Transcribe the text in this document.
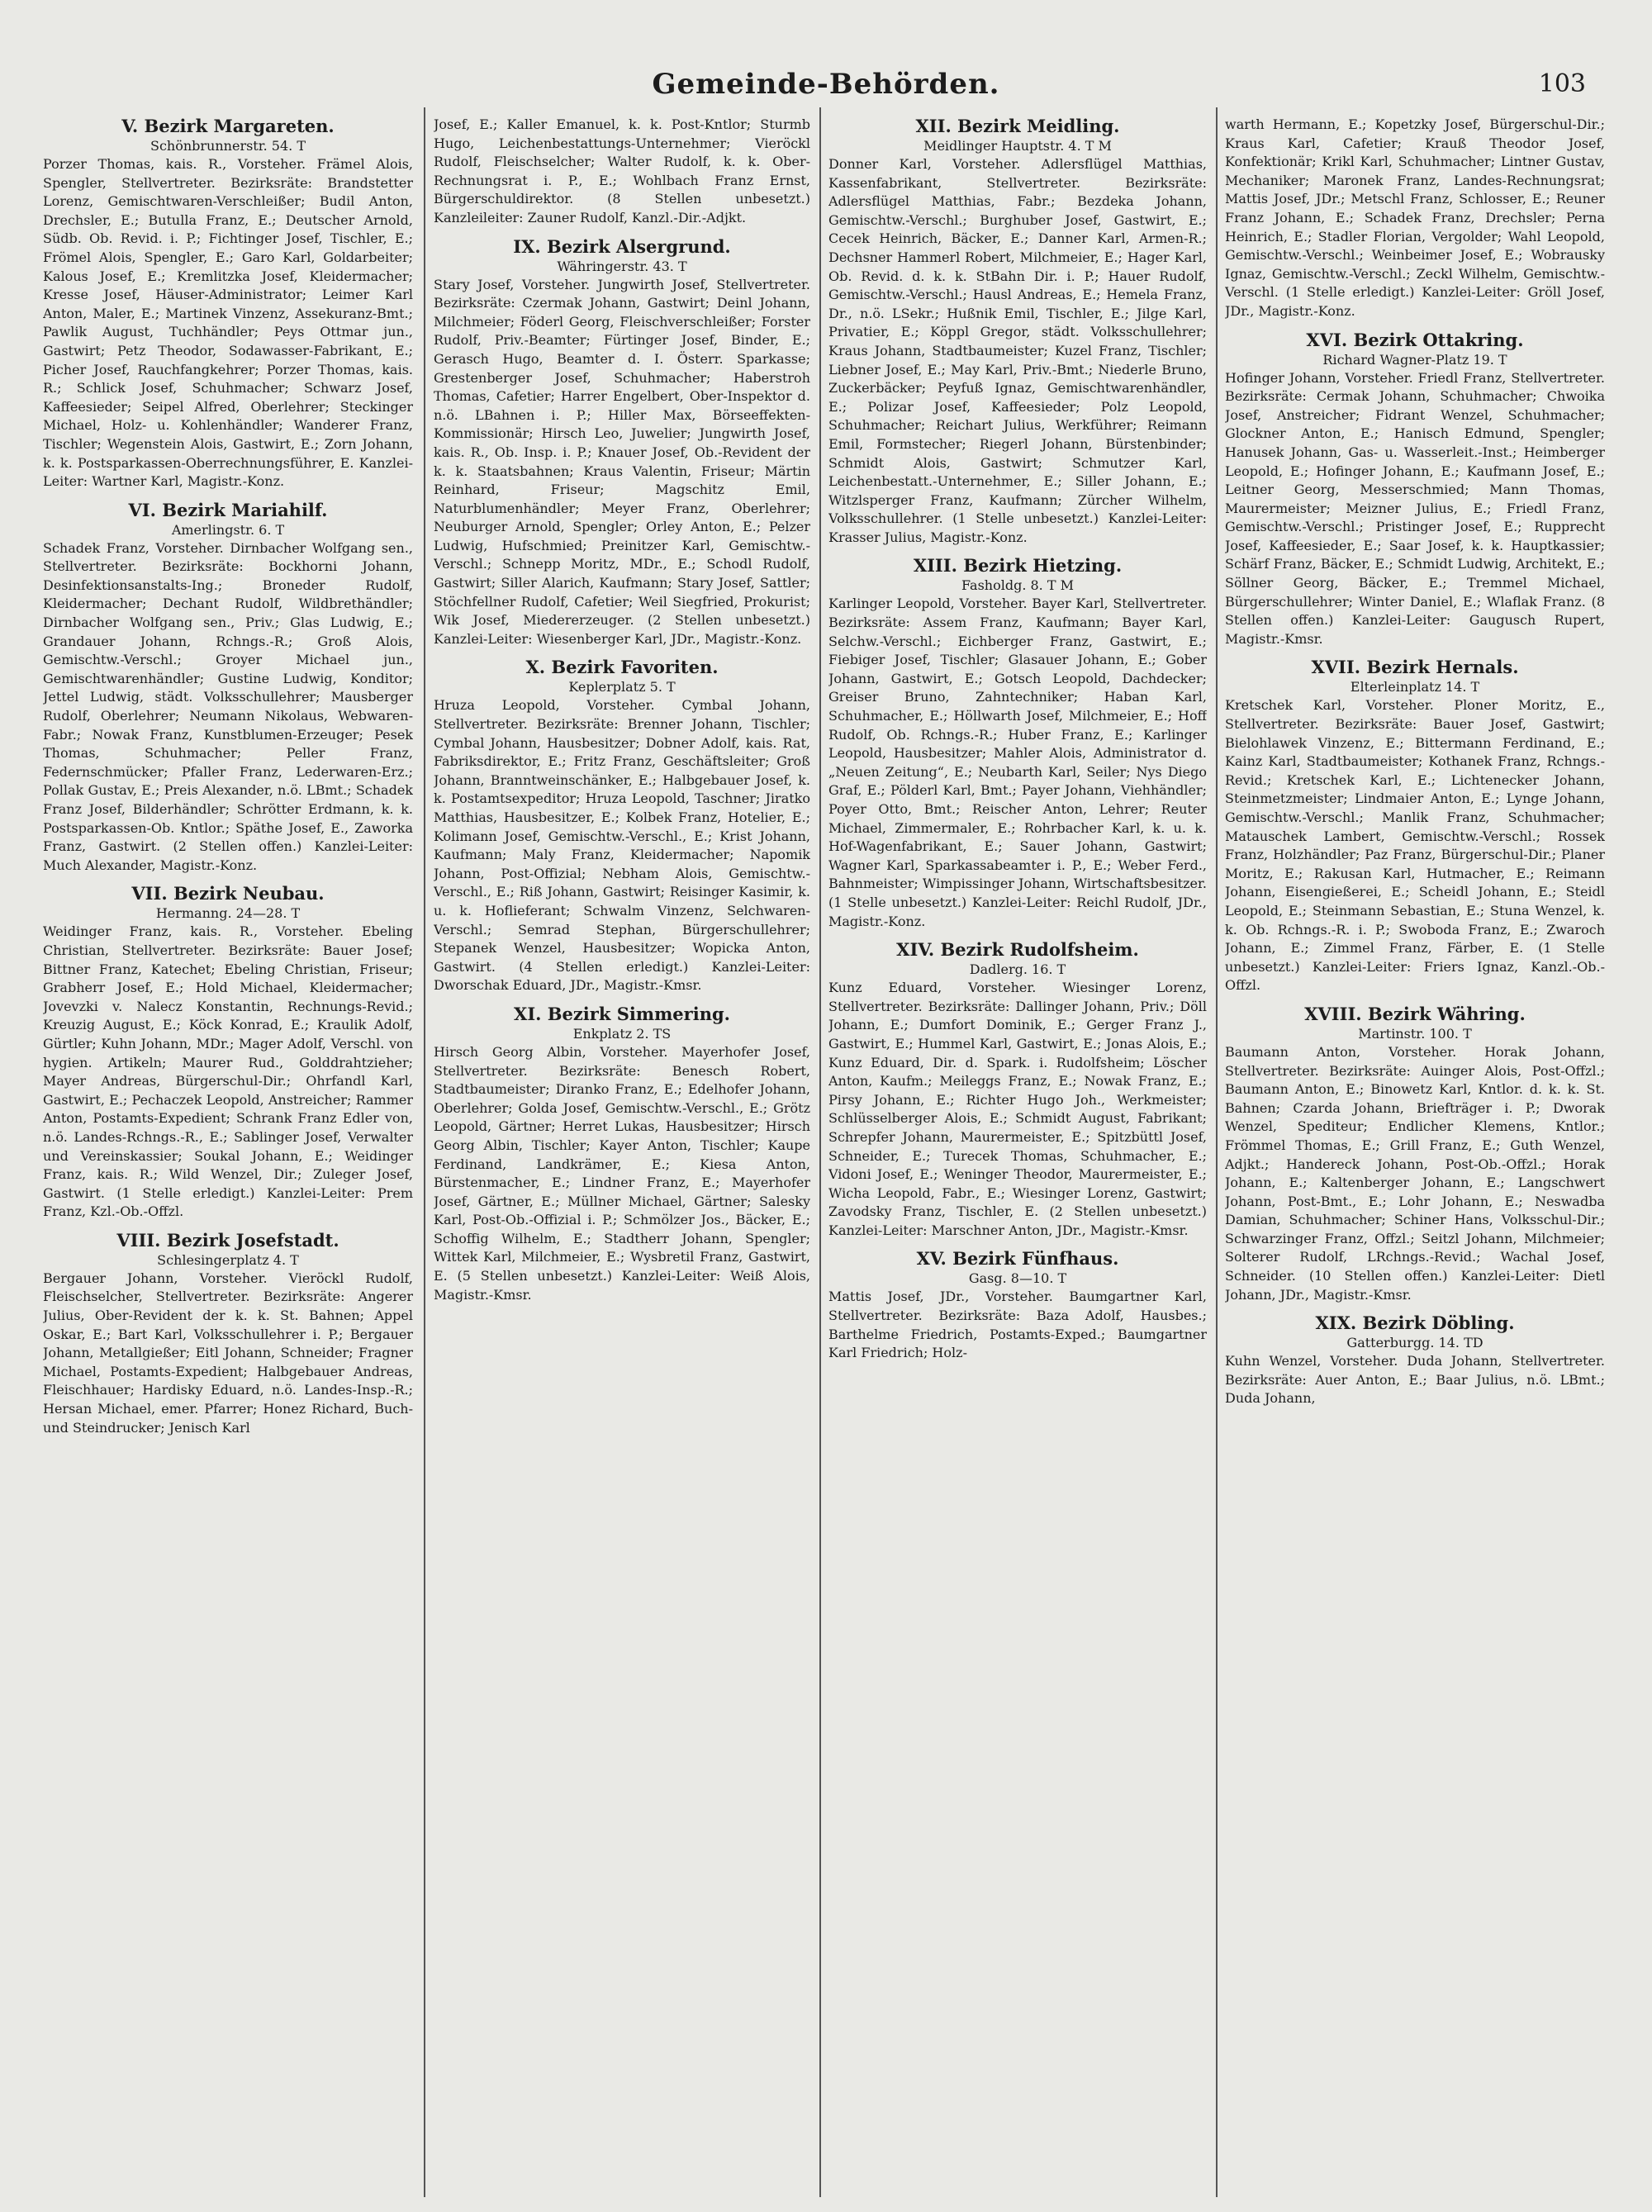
Gemeinde-Behörden.	103
V. Bezirk Margareten.
Schönbrunnerstr. 54. T
Porzer Thomas, kais. R., Vorsteher. Främel Alois, Spengler, Stellvertreter. Bezirksräte: Brandstetter Lorenz, Gemischtwaren-Verschleißer; Budil Anton, Drechsler, E.; Butulla Franz, E.; Deutscher Arnold, Südb. Ob. Revid. i. P.; Fichtinger Josef, Tischler, E.; Frömel Alois, Spengler, E.; Garo Karl, Goldarbeiter; Kalous Josef, E.; Kremlitzka Josef, Kleidermacher; Kresse Josef, Häuser-Administrator; Leimer Karl Anton, Maler, E.; Martinek Vinzenz, Assekuranz-Bmt.; Pawlik August, Tuchhändler; Peys Ottmar jun., Gastwirt; Petz Theodor, Sodawasser-Fabrikant, E.; Picher Josef, Rauchfangkehrer; Porzer Thomas, kais. R.; Schlick Josef, Schuhmacher; Schwarz Josef, Kaffeesieder; Seipel Alfred, Oberlehrer; Steckinger Michael, Holz- u. Kohlenhändler; Wanderer Franz, Tischler; Wegenstein Alois, Gastwirt, E.; Zorn Johann, k. k. Postsparkassen-Oberrechnungsführer, E. Kanzlei-Leiter: Wartner Karl, Magistr.-Konz.
VI. Bezirk Mariahilf.
Amerlingstr. 6. T
Schadek Franz, Vorsteher. Dirnbacher Wolfgang sen., Stellvertreter. Bezirksräte: Bockhorni Johann, Desinfektionsanstalts-Ing.; Broneder Rudolf, Kleidermacher; Dechant Rudolf, Wildbrethändler; Dirnbacher Wolfgang sen., Priv.; Glas Ludwig, E.; Grandauer Johann, Rchngs.-R.; Groß Alois, Gemischtw.-Verschl.; Groyer Michael jun., Gemischtwarenhändler; Gustine Ludwig, Konditor; Jettel Ludwig, städt. Volksschullehrer; Mausberger Rudolf, Oberlehrer; Neumann Nikolaus, Webwaren-Fabr.; Nowak Franz, Kunstblumen-Erzeuger; Pesek Thomas, Schuhmacher; Peller Franz, Federnschmücker; Pfaller Franz, Lederwaren-Erz.; Pollak Gustav, E.; Preis Alexander, n.ö. LBmt.; Schadek Franz Josef, Bilderhändler; Schrötter Erdmann, k. k. Postsparkassen-Ob. Kntlor.; Späthe Josef, E., Zaworka Franz, Gastwirt. (2 Stellen offen.) Kanzlei-Leiter: Much Alexander, Magistr.-Konz.
VII. Bezirk Neubau.
Hermanng. 24—28. T
Weidinger Franz, kais. R., Vorsteher. Ebeling Christian, Stellvertreter. Bezirksräte: Bauer Josef; Bittner Franz, Katechet; Ebeling Christian, Friseur; Grabherr Josef, E.; Hold Michael, Kleidermacher; Jovevzki v. Nalecz Konstantin, Rechnungs-Revid.; Kreuzig August, E.; Köck Konrad, E.; Kraulik Adolf, Gürtler; Kuhn Johann, MDr.; Mager Adolf, Verschl. von hygien. Artikeln; Maurer Rud., Golddrahtzieher; Mayer Andreas, Bürgerschul-Dir.; Ohrfandl Karl, Gastwirt, E.; Pechaczek Leopold, Anstreicher; Rammer Anton, Postamts-Expedient; Schrank Franz Edler von, n.ö. Landes-Rchngs.-R., E.; Sablinger Josef, Verwalter und Vereinskassier; Soukal Johann, E.; Weidinger Franz, kais. R.; Wild Wenzel, Dir.; Zuleger Josef, Gastwirt. (1 Stelle erledigt.) Kanzlei-Leiter: Prem Franz, Kzl.-Ob.-Offzl.
VIII. Bezirk Josefstadt.
Schlesingerplatz 4. T
Bergauer Johann, Vorsteher. Vieröckl Rudolf, Fleischselcher, Stellvertreter. Bezirksräte: Angerer Julius, Ober-Revident der k. k. St. Bahnen; Appel Oskar, E.; Bart Karl, Volksschullehrer i. P.; Bergauer Johann, Metallgießer; Eitl Johann, Schneider; Fragner Michael, Postamts-Expedient; Halbgebauer Andreas, Fleischhauer; Hardisky Eduard, n.ö. Landes-Insp.-R.; Hersan Michael, emer. Pfarrer; Honez Richard, Buch- und Steindrucker; Jenisch Karl
Josef, E.; Kaller Emanuel, k. k. Post-Kntlor; Sturmb Hugo, Leichenbestattungs-Unternehmer; Vieröckl Rudolf, Fleischselcher; Walter Rudolf, k. k. Ober-Rechnungsrat i. P., E.; Wohlbach Franz Ernst, Bürgerschuldirektor. (8 Stellen unbesetzt.) Kanzleileiter: Zauner Rudolf, Kanzl.-Dir.-Adjkt.
IX. Bezirk Alsergrund.
Währingerstr. 43. T
Stary Josef, Vorsteher. Jungwirth Josef, Stellvertreter. Bezirksräte: Czermak Johann, Gastwirt; Deinl Johann, Milchmeier; Föderl Georg, Fleischverschleißer; Forster Rudolf, Priv.-Beamter; Fürtinger Josef, Binder, E.; Gerasch Hugo, Beamter d. I. Österr. Sparkasse; Grestenberger Josef, Schuhmacher; Haberstroh Thomas, Cafetier; Harrer Engelbert, Ober-Inspektor d. n.ö. LBahnen i. P.; Hiller Max, Börseeffekten-Kommissionär; Hirsch Leo, Juwelier; Jungwirth Josef, kais. R., Ob. Insp. i. P.; Knauer Josef, Ob.-Revident der k. k. Staatsbahnen; Kraus Valentin, Friseur; Märtin Reinhard, Friseur; Magschitz Emil, Naturblumenhändler; Meyer Franz, Oberlehrer; Neuburger Arnold, Spengler; Orley Anton, E.; Pelzer Ludwig, Hufschmied; Preinitzer Karl, Gemischtw.-Verschl.; Schnepp Moritz, MDr., E.; Schodl Rudolf, Gastwirt; Siller Alarich, Kaufmann; Stary Josef, Sattler; Stöchfellner Rudolf, Cafetier; Weil Siegfried, Prokurist; Wik Josef, Miedererzeuger. (2 Stellen unbesetzt.) Kanzlei-Leiter: Wiesenberger Karl, JDr., Magistr.-Konz.
X. Bezirk Favoriten.
Keplerplatz 5. T
Hruza Leopold, Vorsteher. Cymbal Johann, Stellvertreter. Bezirksräte: Brenner Johann, Tischler; Cymbal Johann, Hausbesitzer; Dobner Adolf, kais. Rat, Fabriksdirektor, E.; Fritz Franz, Geschäftsleiter; Groß Johann, Branntweinschänker, E.; Halbgebauer Josef, k. k. Postamtsexpeditor; Hruza Leopold, Taschner; Jiratko Matthias, Hausbesitzer, E.; Kolbek Franz, Hotelier, E.; Kolimann Josef, Gemischtw.-Verschl., E.; Krist Johann, Kaufmann; Maly Franz, Kleidermacher; Napomik Johann, Post-Offizial; Nebham Alois, Gemischtw.-Verschl., E.; Riß Johann, Gastwirt; Reisinger Kasimir, k. u. k. Hoflieferant; Schwalm Vinzenz, Selchwaren-Verschl.; Semrad Stephan, Bürgerschullehrer; Stepanek Wenzel, Hausbesitzer; Wopicka Anton, Gastwirt. (4 Stellen erledigt.) Kanzlei-Leiter: Dworschak Eduard, JDr., Magistr.-Kmsr.
XI. Bezirk Simmering.
Enkplatz 2. TS
Hirsch Georg Albin, Vorsteher. Mayerhofer Josef, Stellvertreter. Bezirksräte: Benesch Robert, Stadtbaumeister; Diranko Franz, E.; Edelhofer Johann, Oberlehrer; Golda Josef, Gemischtw.-Verschl., E.; Grötz Leopold, Gärtner; Herret Lukas, Hausbesitzer; Hirsch Georg Albin, Tischler; Kayer Anton, Tischler; Kaupe Ferdinand, Landkrämer, E.; Kiesa Anton, Bürstenmacher, E.; Lindner Franz, E.; Mayerhofer Josef, Gärtner, E.; Müllner Michael, Gärtner; Salesky Karl, Post-Ob.-Offizial i. P.; Schmölzer Jos., Bäcker, E.; Schoffig Wilhelm, E.; Stadtherr Johann, Spengler; Wittek Karl, Milchmeier, E.; Wysbretil Franz, Gastwirt, E. (5 Stellen unbesetzt.) Kanzlei-Leiter: Weiß Alois, Magistr.-Kmsr.
XII. Bezirk Meidling.
Meidlinger Hauptstr. 4. T M
Donner Karl, Vorsteher. Adlersflügel Matthias, Kassenfabrikant, Stellvertreter. Bezirksräte: Adlersflügel Matthias, Fabr.; Bezdeka Johann, Gemischtw.-Verschl.; Burghuber Josef, Gastwirt, E.; Cecek Heinrich, Bäcker, E.; Danner Karl, Armen-R.; Dechsner Hammerl Robert, Milchmeier, E.; Hager Karl, Ob. Revid. d. k. k. StBahn Dir. i. P.; Hauer Rudolf, Gemischtw.-Verschl.; Hausl Andreas, E.; Hemela Franz, Dr., n.ö. LSekr.; Hußnik Emil, Tischler, E.; Jilge Karl, Privatier, E.; Köppl Gregor, städt. Volksschullehrer; Kraus Johann, Stadtbaumeister; Kuzel Franz, Tischler; Liebner Josef, E.; May Karl, Priv.-Bmt.; Niederle Bruno, Zuckerbäcker; Peyfuß Ignaz, Gemischtwarenhändler, E.; Polizar Josef, Kaffeesieder; Polz Leopold, Schuhmacher; Reichart Julius, Werkführer; Reimann Emil, Formstecher; Riegerl Johann, Bürstenbinder; Schmidt Alois, Gastwirt; Schmutzer Karl, Leichenbestatt.-Unternehmer, E.; Siller Johann, E.; Witzlsperger Franz, Kaufmann; Zürcher Wilhelm, Volksschullehrer. (1 Stelle unbesetzt.) Kanzlei-Leiter: Krasser Julius, Magistr.-Konz.
XIII. Bezirk Hietzing.
Fasholdg. 8. T M
Karlinger Leopold, Vorsteher. Bayer Karl, Stellvertreter. Bezirksräte: Assem Franz, Kaufmann; Bayer Karl, Selchw.-Verschl.; Eichberger Franz, Gastwirt, E.; Fiebiger Josef, Tischler; Glasauer Johann, E.; Gober Johann, Gastwirt, E.; Gotsch Leopold, Dachdecker; Greiser Bruno, Zahntechniker; Haban Karl, Schuhmacher, E.; Höllwarth Josef, Milchmeier, E.; Hoff Rudolf, Ob. Rchngs.-R.; Huber Franz, E.; Karlinger Leopold, Hausbesitzer; Mahler Alois, Administrator d. „Neuen Zeitung“, E.; Neubarth Karl, Seiler; Nys Diego Graf, E.; Pölderl Karl, Bmt.; Payer Johann, Viehhändler; Poyer Otto, Bmt.; Reischer Anton, Lehrer; Reuter Michael, Zimmermaler, E.; Rohrbacher Karl, k. u. k. Hof-Wagenfabrikant, E.; Sauer Johann, Gastwirt; Wagner Karl, Sparkassabeamter i. P., E.; Weber Ferd., Bahnmeister; Wimpissinger Johann, Wirtschaftsbesitzer. (1 Stelle unbesetzt.) Kanzlei-Leiter: Reichl Rudolf, JDr., Magistr.-Konz.
XIV. Bezirk Rudolfsheim.
Dadlerg. 16. T
Kunz Eduard, Vorsteher. Wiesinger Lorenz, Stellvertreter. Bezirksräte: Dallinger Johann, Priv.; Döll Johann, E.; Dumfort Dominik, E.; Gerger Franz J., Gastwirt, E.; Hummel Karl, Gastwirt, E.; Jonas Alois, E.; Kunz Eduard, Dir. d. Spark. i. Rudolfsheim; Löscher Anton, Kaufm.; Meileggs Franz, E.; Nowak Franz, E.; Pirsy Johann, E.; Richter Hugo Joh., Werkmeister; Schlüsselberger Alois, E.; Schmidt August, Fabrikant; Schrepfer Johann, Maurermeister, E.; Spitzbüttl Josef, Schneider, E.; Turecek Thomas, Schuhmacher, E.; Vidoni Josef, E.; Weninger Theodor, Maurermeister, E.; Wicha Leopold, Fabr., E.; Wiesinger Lorenz, Gastwirt; Zavodsky Franz, Tischler, E. (2 Stellen unbesetzt.) Kanzlei-Leiter: Marschner Anton, JDr., Magistr.-Kmsr.
XV. Bezirk Fünfhaus.
Gasg. 8—10. T
Mattis Josef, JDr., Vorsteher. Baumgartner Karl, Stellvertreter. Bezirksräte: Baza Adolf, Hausbes.; Barthelme Friedrich, Postamts-Exped.; Baumgartner Karl Friedrich; Holz-
warth Hermann, E.; Kopetzky Josef, Bürgerschul-Dir.; Kraus Karl, Cafetier; Krauß Theodor Josef, Konfektionär; Krikl Karl, Schuhmacher; Lintner Gustav, Mechaniker; Maronek Franz, Landes-Rechnungsrat; Mattis Josef, JDr.; Metschl Franz, Schlosser, E.; Reuner Franz Johann, E.; Schadek Franz, Drechsler; Perna Heinrich, E.; Stadler Florian, Vergolder; Wahl Leopold, Gemischtw.-Verschl.; Weinbeimer Josef, E.; Wobrausky Ignaz, Gemischtw.-Verschl.; Zeckl Wilhelm, Gemischtw.-Verschl. (1 Stelle erledigt.) Kanzlei-Leiter: Gröll Josef, JDr., Magistr.-Konz.
XVI. Bezirk Ottakring.
Richard Wagner-Platz 19. T
Hofinger Johann, Vorsteher. Friedl Franz, Stellvertreter. Bezirksräte: Cermak Johann, Schuhmacher; Chwoika Josef, Anstreicher; Fidrant Wenzel, Schuhmacher; Glockner Anton, E.; Hanisch Edmund, Spengler; Hanusek Johann, Gas- u. Wasserleit.-Inst.; Heimberger Leopold, E.; Hofinger Johann, E.; Kaufmann Josef, E.; Leitner Georg, Messerschmied; Mann Thomas, Maurermeister; Meizner Julius, E.; Friedl Franz, Gemischtw.-Verschl.; Pristinger Josef, E.; Rupprecht Josef, Kaffeesieder, E.; Saar Josef, k. k. Hauptkassier; Schärf Franz, Bäcker, E.; Schmidt Ludwig, Architekt, E.; Söllner Georg, Bäcker, E.; Tremmel Michael, Bürgerschullehrer; Winter Daniel, E.; Wlaflak Franz. (8 Stellen offen.) Kanzlei-Leiter: Gaugusch Rupert, Magistr.-Kmsr.
XVII. Bezirk Hernals.
Elterleinplatz 14. T
Kretschek Karl, Vorsteher. Ploner Moritz, E., Stellvertreter. Bezirksräte: Bauer Josef, Gastwirt; Bielohlawek Vinzenz, E.; Bittermann Ferdinand, E.; Kainz Karl, Stadtbaumeister; Kothanek Franz, Rchngs.-Revid.; Kretschek Karl, E.; Lichtenecker Johann, Steinmetzmeister; Lindmaier Anton, E.; Lynge Johann, Gemischtw.-Verschl.; Manlik Franz, Schuhmacher; Matauschek Lambert, Gemischtw.-Verschl.; Rossek Franz, Holzhändler; Paz Franz, Bürgerschul-Dir.; Planer Moritz, E.; Rakusan Karl, Hutmacher, E.; Reimann Johann, Eisengießerei, E.; Scheidl Johann, E.; Steidl Leopold, E.; Steinmann Sebastian, E.; Stuna Wenzel, k. k. Ob. Rchngs.-R. i. P.; Swoboda Franz, E.; Zwaroch Johann, E.; Zimmel Franz, Färber, E. (1 Stelle unbesetzt.) Kanzlei-Leiter: Friers Ignaz, Kanzl.-Ob.-Offzl.
XVIII. Bezirk Währing.
Martinstr. 100. T
Baumann Anton, Vorsteher. Horak Johann, Stellvertreter. Bezirksräte: Auinger Alois, Post-Offzl.; Baumann Anton, E.; Binowetz Karl, Kntlor. d. k. k. St. Bahnen; Czarda Johann, Briefträger i. P.; Dworak Wenzel, Spediteur; Endlicher Klemens, Kntlor.; Frömmel Thomas, E.; Grill Franz, E.; Guth Wenzel, Adjkt.; Handereck Johann, Post-Ob.-Offzl.; Horak Johann, E.; Kaltenberger Johann, E.; Langschwert Johann, Post-Bmt., E.; Lohr Johann, E.; Neswadba Damian, Schuhmacher; Schiner Hans, Volksschul-Dir.; Schwarzinger Franz, Offzl.; Seitzl Johann, Milchmeier; Solterer Rudolf, LRchngs.-Revid.; Wachal Josef, Schneider. (10 Stellen offen.) Kanzlei-Leiter: Dietl Johann, JDr., Magistr.-Kmsr.
XIX. Bezirk Döbling.
Gatterburgg. 14. TD
Kuhn Wenzel, Vorsteher. Duda Johann, Stellvertreter. Bezirksräte: Auer Anton, E.; Baar Julius, n.ö. LBmt.; Duda Johann,
